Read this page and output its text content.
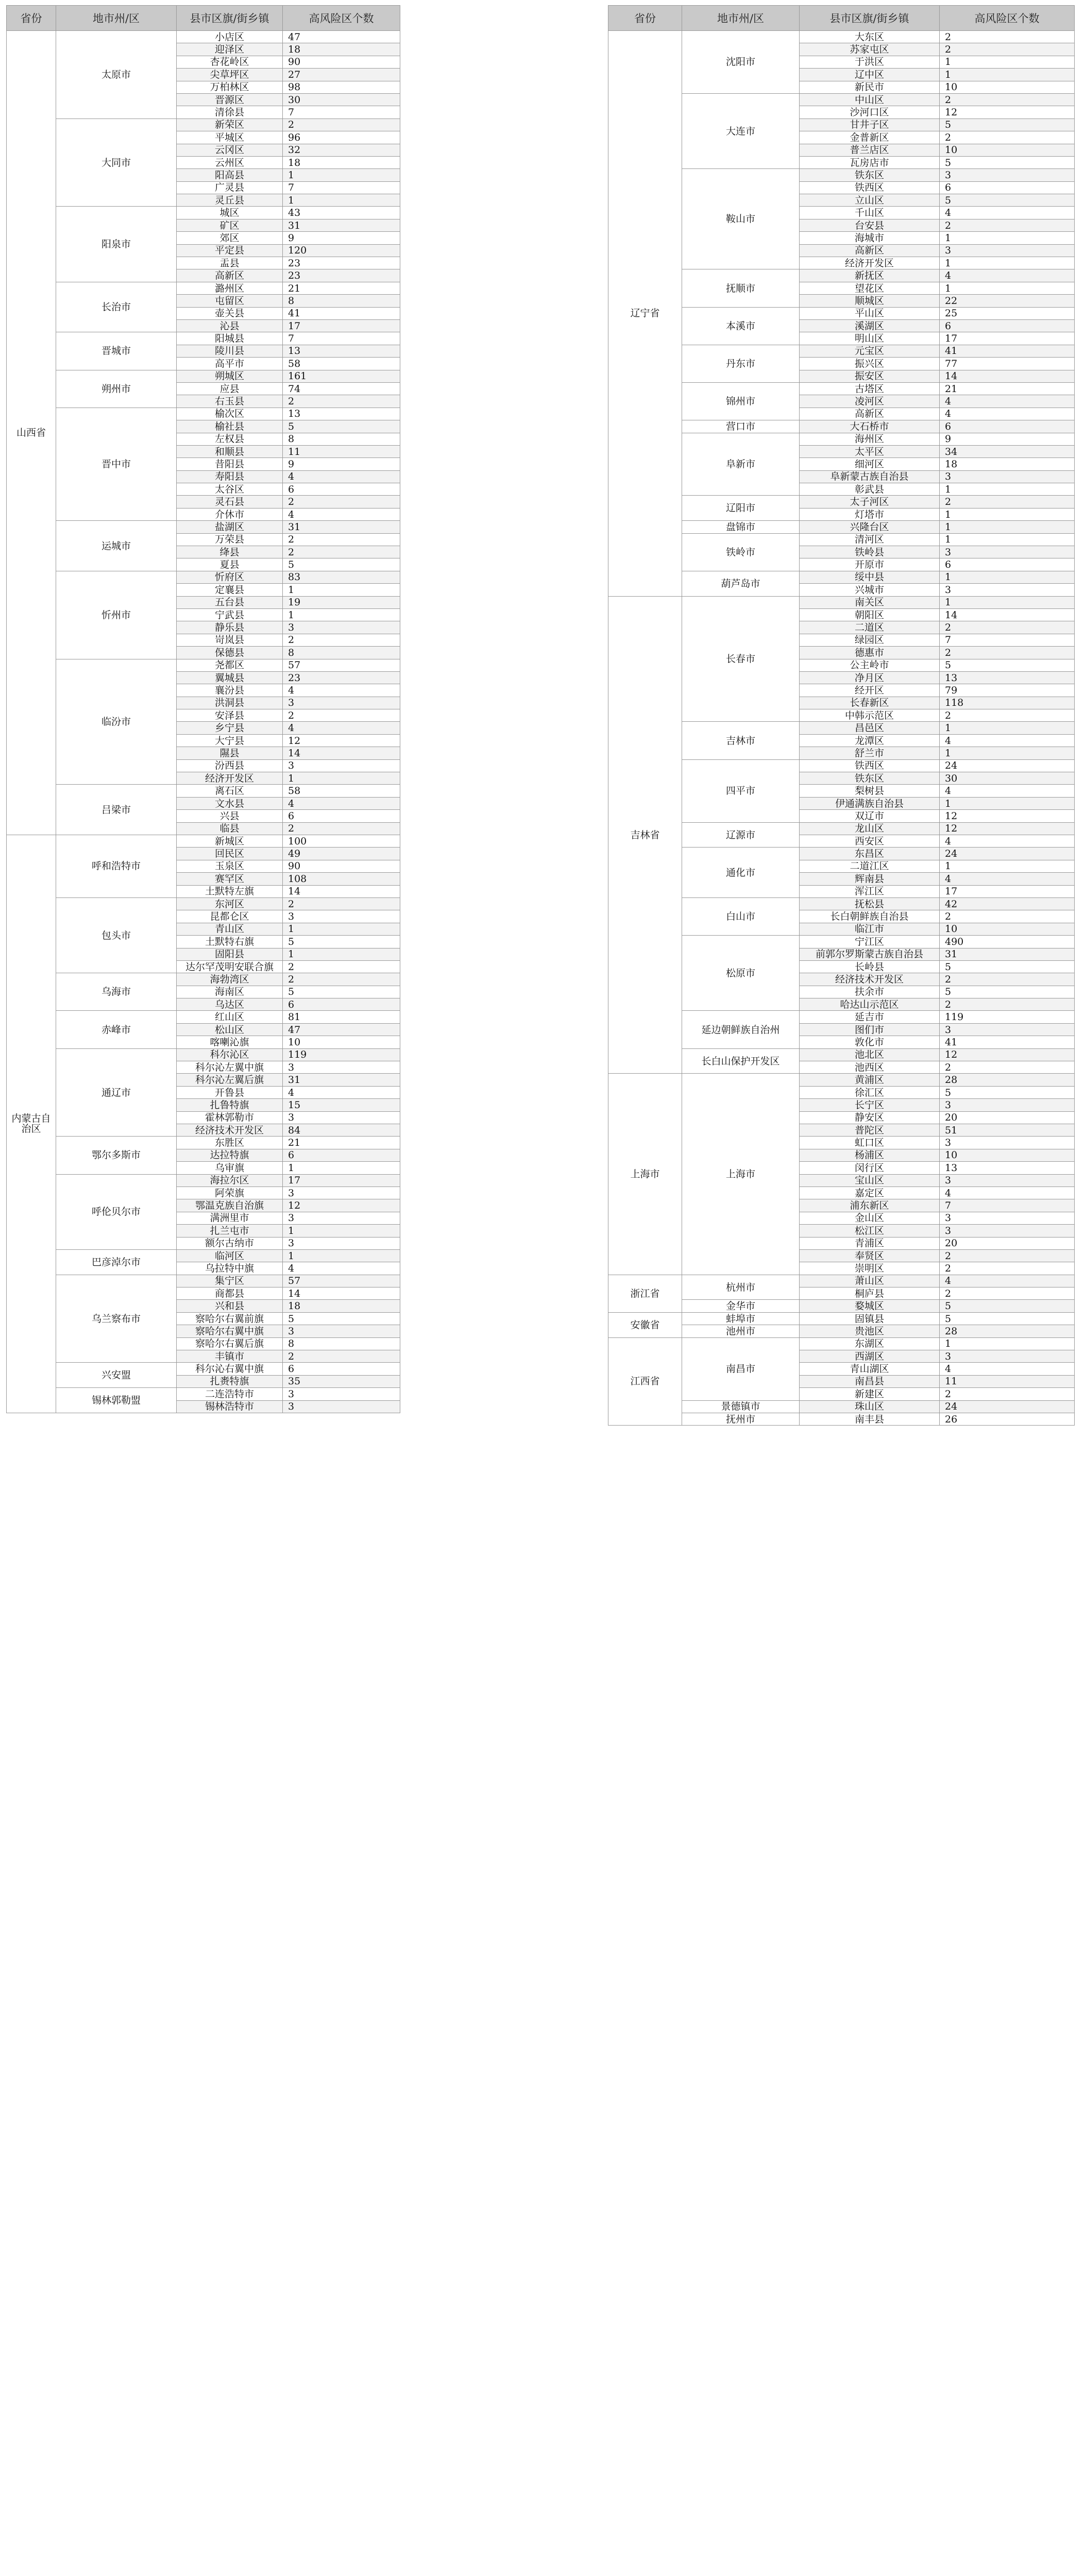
省份	地市州/区	县市区旗/街乡镇	高风险区个数
山西省	太原市	小店区	47
		迎泽区	18
		杏花岭区	90
		尖草坪区	27
		万柏林区	98
		晋源区	30
		清徐县	7
	大同市	新荣区	2
		平城区	96
		云冈区	32
		云州区	18
		阳高县	1
		广灵县	7
		灵丘县	1
	阳泉市	城区	43
		矿区	31
		郊区	9
		平定县	120
		盂县	23
		高新区	23
	长治市	潞州区	21
		屯留区	8
		壶关县	41
		沁县	17
	晋城市	阳城县	7
		陵川县	13
		高平市	58
	朔州市	朔城区	161
		应县	74
		右玉县	2
	晋中市	榆次区	13
		榆社县	5
		左权县	8
		和顺县	11
		昔阳县	9
		寿阳县	4
		太谷区	6
		灵石县	2
		介休市	4
	运城市	盐湖区	31
		万荣县	2
		绛县	2
		夏县	5
	忻州市	忻府区	83
		定襄县	1
		五台县	19
		宁武县	1
		静乐县	3
		岢岚县	2
		保德县	8
	临汾市	尧都区	57
		翼城县	23
		襄汾县	4
		洪洞县	3
		安泽县	2
		乡宁县	4
		大宁县	12
		隰县	14
		汾西县	3
		经济开发区	1
	吕梁市	离石区	58
		文水县	4
		兴县	6
		临县	2
内蒙古自治区	呼和浩特市	新城区	100
		回民区	49
		玉泉区	90
		赛罕区	108
		土默特左旗	14
	包头市	东河区	2
		昆都仑区	3
		青山区	1
		土默特右旗	5
		固阳县	1
		达尔罕茂明安联合旗	2
	乌海市	海勃湾区	2
		海南区	5
		乌达区	6
	赤峰市	红山区	81
		松山区	47
		喀喇沁旗	10
	通辽市	科尔沁区	119
		科尔沁左翼中旗	3
		科尔沁左翼后旗	31
		开鲁县	4
		扎鲁特旗	15
		霍林郭勒市	3
		经济技术开发区	84
	鄂尔多斯市	东胜区	21
		达拉特旗	6
		乌审旗	1
	呼伦贝尔市	海拉尔区	17
		阿荣旗	3
		鄂温克族自治旗	12
		满洲里市	3
		扎兰屯市	1
		额尔古纳市	3
	巴彦淖尔市	临河区	1
		乌拉特中旗	4
	乌兰察布市	集宁区	57
		商都县	14
		兴和县	18
		察哈尔右翼前旗	5
		察哈尔右翼中旗	3
		察哈尔右翼后旗	8
		丰镇市	2
	兴安盟	科尔沁右翼中旗	6
		扎赉特旗	35
	锡林郭勒盟	二连浩特市	3
		锡林浩特市	3
省份	地市州/区	县市区旗/街乡镇	高风险区个数
辽宁省	沈阳市	大东区	2
		苏家屯区	2
		于洪区	1
		辽中区	1
		新民市	10
	大连市	中山区	2
		沙河口区	12
		甘井子区	5
		金普新区	2
		普兰店区	10
		瓦房店市	5
	鞍山市	铁东区	3
		铁西区	6
		立山区	5
		千山区	4
		台安县	2
		海城市	1
		高新区	3
		经济开发区	1
	抚顺市	新抚区	4
		望花区	1
		顺城区	22
	本溪市	平山区	25
		溪湖区	6
		明山区	17
	丹东市	元宝区	41
		振兴区	77
		振安区	14
	锦州市	古塔区	21
		凌河区	4
		高新区	4
	营口市	大石桥市	6
	阜新市	海州区	9
		太平区	34
		细河区	18
		阜新蒙古族自治县	3
		彰武县	1
	辽阳市	太子河区	2
		灯塔市	1
	盘锦市	兴隆台区	1
	铁岭市	清河区	1
		铁岭县	3
		开原市	6
	葫芦岛市	绥中县	1
		兴城市	3
吉林省	长春市	南关区	1
		朝阳区	14
		二道区	2
		绿园区	7
		德惠市	2
		公主岭市	5
		净月区	13
		经开区	79
		长春新区	118
		中韩示范区	2
	吉林市	昌邑区	1
		龙潭区	4
		舒兰市	1
	四平市	铁西区	24
		铁东区	30
		梨树县	4
		伊通满族自治县	1
		双辽市	12
	辽源市	龙山区	12
		西安区	4
	通化市	东昌区	24
		二道江区	1
		辉南县	4
		浑江区	17
	白山市	抚松县	42
		长白朝鲜族自治县	2
		临江市	10
	松原市	宁江区	490
		前郭尔罗斯蒙古族自治县	31
		长岭县	5
		经济技术开发区	2
		扶余市	5
		哈达山示范区	2
	延边朝鲜族自治州	延吉市	119
		图们市	3
		敦化市	41
	长白山保护开发区	池北区	12
		池西区	2
上海市	上海市	黄浦区	28
		徐汇区	5
		长宁区	3
		静安区	20
		普陀区	51
		虹口区	3
		杨浦区	10
		闵行区	13
		宝山区	3
		嘉定区	4
		浦东新区	7
		金山区	3
		松江区	3
		青浦区	20
		奉贤区	2
		崇明区	2
浙江省	杭州市	萧山区	4
		桐庐县	2
	金华市	婺城区	5
安徽省	蚌埠市	固镇县	5
	池州市	贵池区	28
江西省	南昌市	东湖区	1
		西湖区	3
		青山湖区	4
		南昌县	11
		新建区	2
	景德镇市	珠山区	24
	抚州市	南丰县	26
